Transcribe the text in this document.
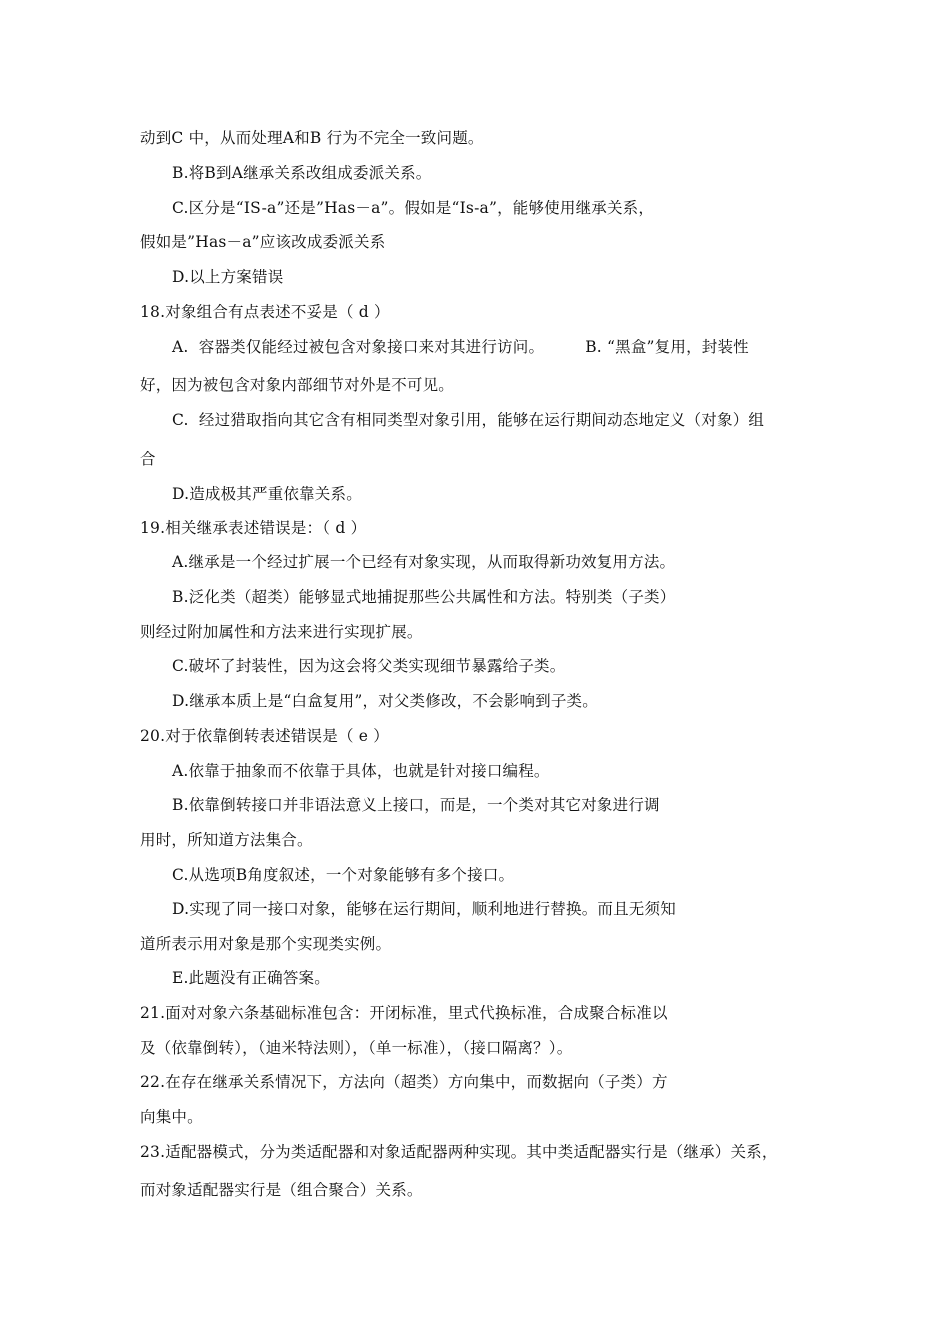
动到C 中，从而处理A和B 行为不完全一致问题。
B.将B到A继承关系改组成委派关系。
C.区分是“IS-a”还是”Has－a”。假如是“Is-a”，能够使用继承关系，
假如是”Has－a”应该改成委派关系
D.以上方案错误
18.对象组合有点表述不妥是（ d ）
A.  容器类仅能经过被包含对象接口来对其进行访问。        B. “黑盒”复用，封装性
好，因为被包含对象内部细节对外是不可见。
C.  经过猎取指向其它含有相同类型对象引用，能够在运行期间动态地定义（对象）组
合
D.造成极其严重依靠关系。
19.相关继承表述错误是：（ d ）
A.继承是一个经过扩展一个已经有对象实现，从而取得新功效复用方法。
B.泛化类（超类）能够显式地捕捉那些公共属性和方法。特别类（子类）
则经过附加属性和方法来进行实现扩展。
C.破坏了封装性，因为这会将父类实现细节暴露给子类。
D.继承本质上是“白盒复用”，对父类修改，不会影响到子类。
20.对于依靠倒转表述错误是（ e ）
A.依靠于抽象而不依靠于具体，也就是针对接口编程。
B.依靠倒转接口并非语法意义上接口，而是，一个类对其它对象进行调
用时，所知道方法集合。
C.从选项B角度叙述，一个对象能够有多个接口。
D.实现了同一接口对象，能够在运行期间，顺利地进行替换。而且无须知
道所表示用对象是那个实现类实例。
E.此题没有正确答案。
21.面对对象六条基础标准包含：开闭标准，里式代换标准，合成聚合标准以
及（依靠倒转），（迪米特法则），（单一标准），（接口隔离？）。
22.在存在继承关系情况下，方法向（超类）方向集中，而数据向（子类）方
向集中。
23.适配器模式，分为类适配器和对象适配器两种实现。其中类适配器实行是（继承）关系，
而对象适配器实行是（组合聚合）关系。
